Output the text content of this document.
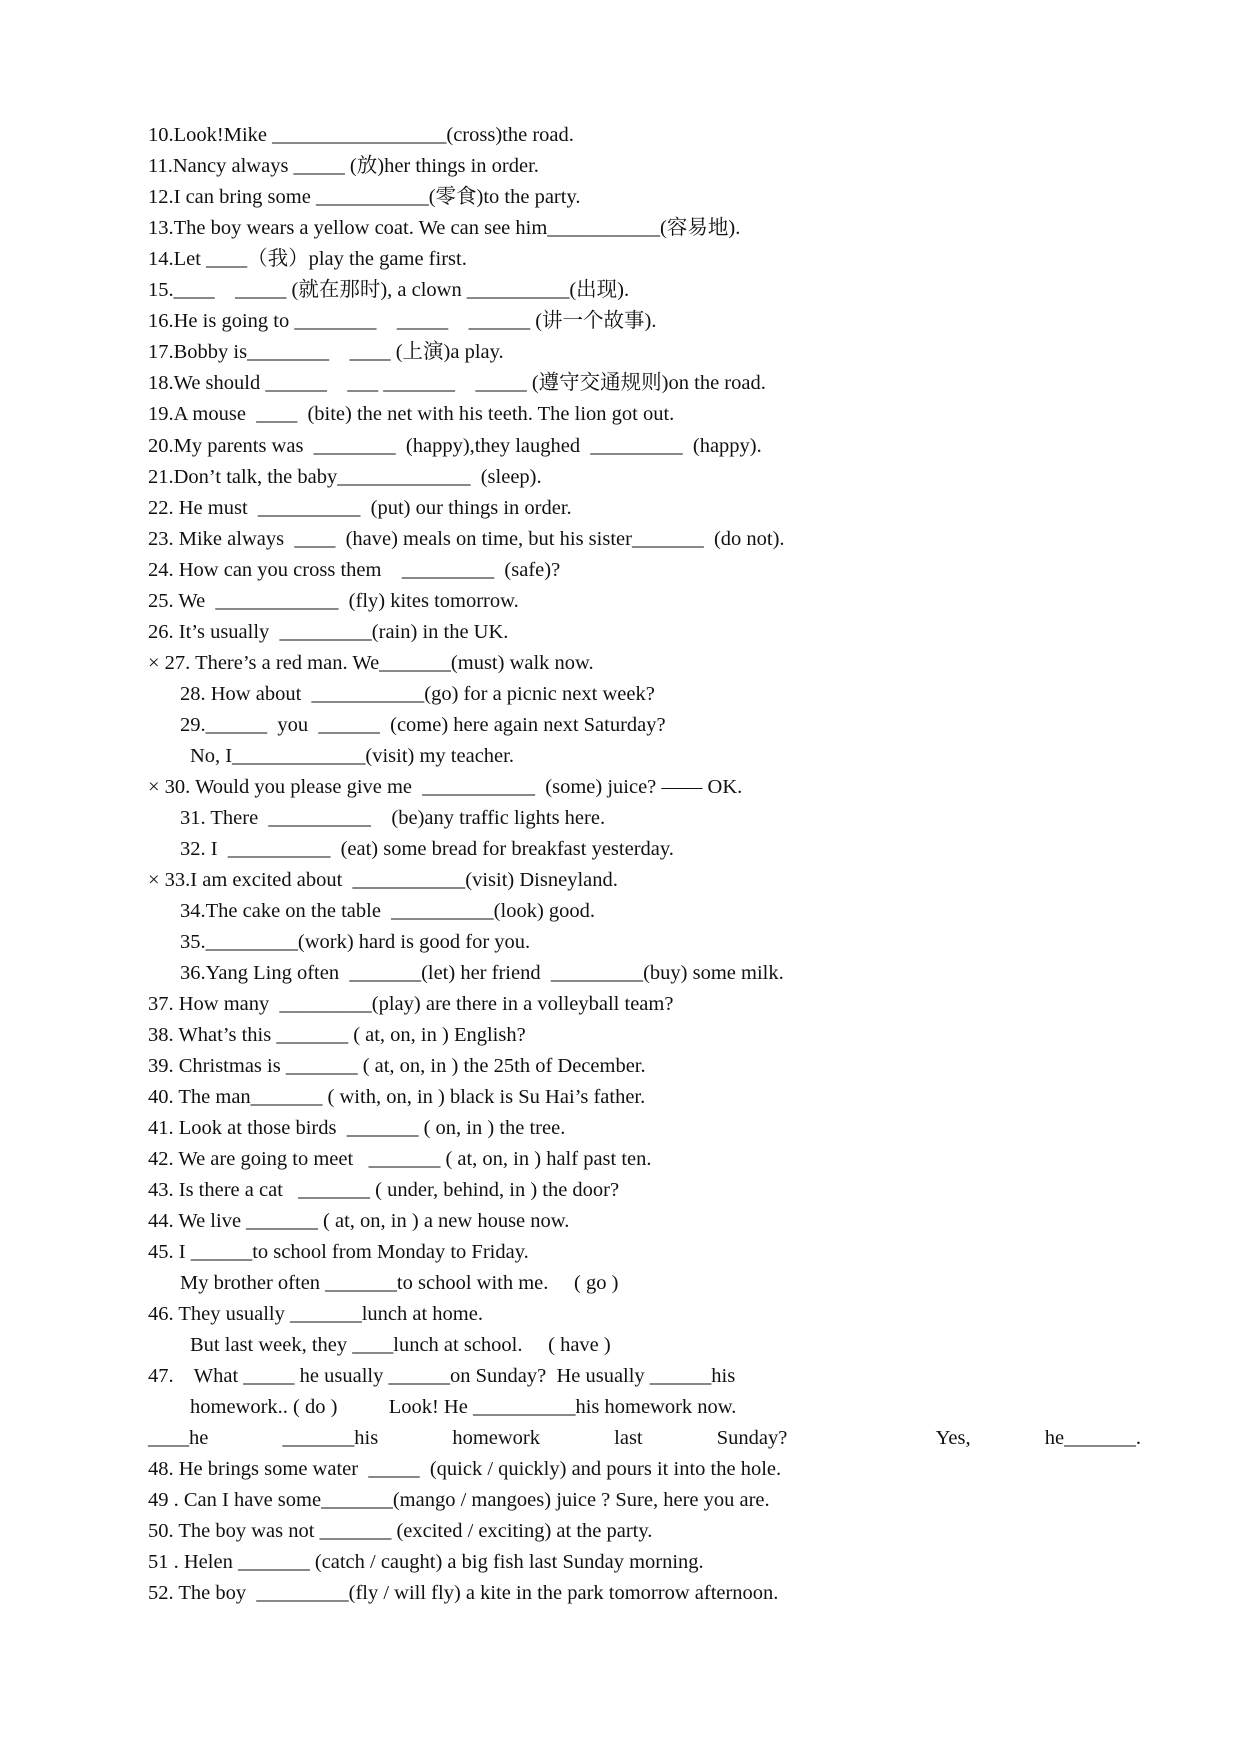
10.Look!Mike _________________(cross)the road.
11.Nancy always _____ (放)her things in order.
12.I can bring some ___________(零食)to the party.
13.The boy wears a yellow coat. We can see him___________(容易地).
14.Let ____（我）play the game first.
15.____    _____ (就在那时), a clown __________(出现).
16.He is going to ________    _____    ______ (讲一个故事).
17.Bobby is________    ____ (上演)a play.
18.We should ______    ___ _______    _____ (遵守交通规则)on the road.
19.A mouse  ____  (bite) the net with his teeth. The lion got out.
20.My parents was  ________  (happy),they laughed  _________  (happy).
21.Don’t talk, the baby_____________  (sleep).
22. He must  __________  (put) our things in order.
23. Mike always  ____  (have) meals on time, but his sister_______  (do not).
24. How can you cross them    _________  (safe)?
25. We  ____________  (fly) kites tomorrow.
26. It’s usually  _________(rain) in the UK.
× 27. There’s a red man. We_______(must) walk now.
28. How about  ___________(go) for a picnic next week?
29.______  you  ______  (come) here again next Saturday?
No, I_____________(visit) my teacher.
× 30. Would you please give me  ___________  (some) juice? —— OK.
31. There  __________    (be)any traffic lights here.
32. I  __________  (eat) some bread for breakfast yesterday.
× 33.I am excited about  ___________(visit) Disneyland.
34.The cake on the table  __________(look) good.
35._________(work) hard is good for you.
36.Yang Ling often  _______(let) her friend  _________(buy) some milk.
37. How many  _________(play) are there in a volleyball team?
38. What’s this _______ ( at, on, in ) English?
39. Christmas is _______ ( at, on, in ) the 25th of December.
40. The man_______ ( with, on, in ) black is Su Hai’s father.
41. Look at those birds  _______ ( on, in ) the tree.
42. We are going to meet   _______ ( at, on, in ) half past ten.
43. Is there a cat   _______ ( under, behind, in ) the door?
44. We live _______ ( at, on, in ) a new house now.
45. I ______to school from Monday to Friday.
My brother often _______to school with me.     ( go )
46. They usually _______lunch at home.
But last week, they ____lunch at school.     ( have )
47.    What _____ he usually ______on Sunday?  He usually ______his
homework.. ( do )          Look! He __________his homework now.
____he	_______his	homework	last	Sunday?	Yes,	he_______.
48. He brings some water  _____  (quick / quickly) and pours it into the hole.
49 . Can I have some_______(mango / mangoes) juice ? Sure, here you are.
50. The boy was not _______ (excited / exciting) at the party.
51 . Helen _______ (catch / caught) a big fish last Sunday morning.
52. The boy  _________(fly / will fly) a kite in the park tomorrow afternoon.
